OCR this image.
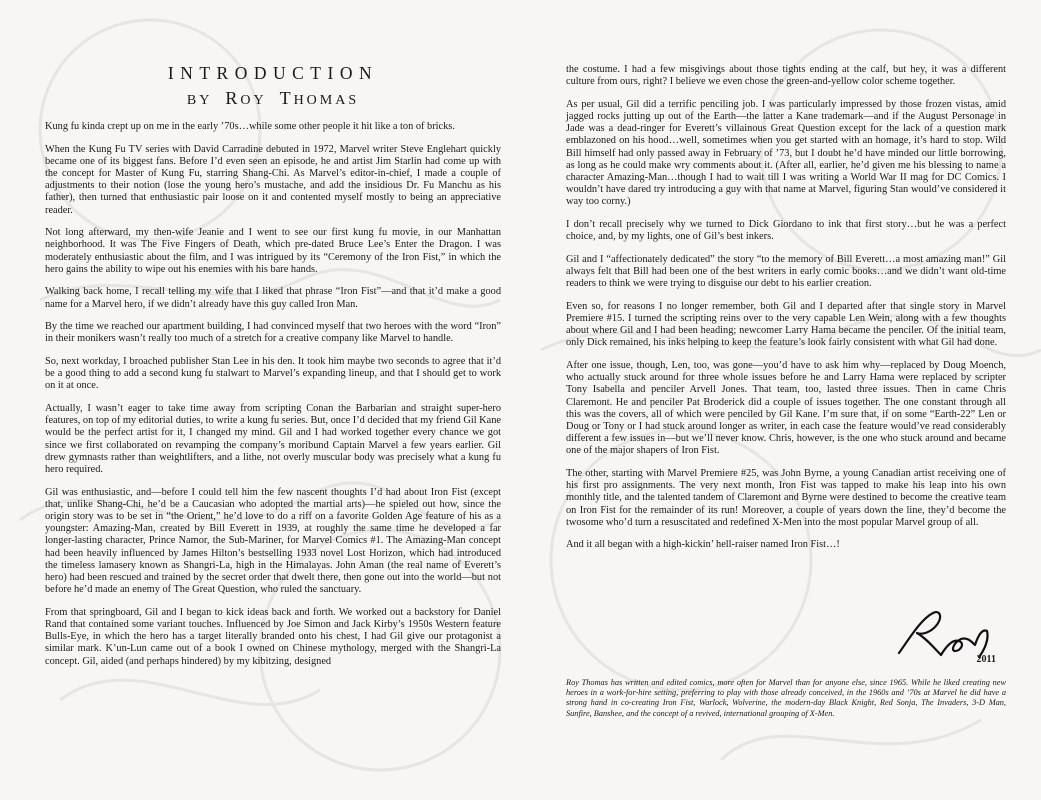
INTRODUCTION
BY ROY THOMAS

Kung fu kinda crept up on me in the early ’70s…while some other people it hit like a ton of bricks.

When the Kung Fu TV series with David Carradine debuted in 1972, Marvel writer Steve Englehart quickly became one of its biggest fans. Before I’d even seen an episode, he and artist Jim Starlin had come up with the concept for Master of Kung Fu, starring Shang-Chi. As Marvel’s editor-in-chief, I made a couple of adjustments to their notion (lose the young hero’s mustache, and add the insidious Dr. Fu Manchu as his father), then turned that enthusiastic pair loose on it and contented myself mostly to being an appreciative reader.

Not long afterward, my then-wife Jeanie and I went to see our first kung fu movie, in our Manhattan neighborhood. It was The Five Fingers of Death, which pre-dated Bruce Lee’s Enter the Dragon. I was moderately enthusiastic about the film, and I was intrigued by its “Ceremony of the Iron Fist,” in which the hero gains the ability to wipe out his enemies with his bare hands.

Walking back home, I recall telling my wife that I liked that phrase “Iron Fist”—and that it’d make a good name for a Marvel hero, if we didn’t already have this guy called Iron Man.

By the time we reached our apartment building, I had convinced myself that two heroes with the word “Iron” in their monikers wasn’t really too much of a stretch for a creative company like Marvel to handle.

So, next workday, I broached publisher Stan Lee in his den. It took him maybe two seconds to agree that it’d be a good thing to add a second kung fu stalwart to Marvel’s expanding lineup, and that I should get to work on it at once.

Actually, I wasn’t eager to take time away from scripting Conan the Barbarian and straight super-hero features, on top of my editorial duties, to write a kung fu series. But, once I’d decided that my friend Gil Kane would be the perfect artist for it, I changed my mind. Gil and I had worked together every chance we got since we first collaborated on revamping the company’s moribund Captain Marvel a few years earlier. Gil drew gymnasts rather than weightlifters, and a lithe, not overly muscular body was precisely what a kung fu hero required.

Gil was enthusiastic, and—before I could tell him the few nascent thoughts I’d had about Iron Fist (except that, unlike Shang-Chi, he’d be a Caucasian who adopted the martial arts)—he spieled out how, since the origin story was to be set in “the Orient,” he’d love to do a riff on a favorite Golden Age feature of his as a youngster: Amazing-Man, created by Bill Everett in 1939, at roughly the same time he developed a far longer-lasting character, Prince Namor, the Sub-Mariner, for Marvel Comics #1. The Amazing-Man concept had been heavily influenced by James Hilton’s bestselling 1933 novel Lost Horizon, which had introduced the timeless lamasery known as Shangri-La, high in the Himalayas. John Aman (the real name of Everett’s hero) had been rescued and trained by the secret order that dwelt there, then gone out into the world—but not before he’d made an enemy of The Great Question, who ruled the sanctuary.

From that springboard, Gil and I began to kick ideas back and forth. We worked out a backstory for Daniel Rand that contained some variant touches. Influenced by Joe Simon and Jack Kirby’s 1950s Western feature Bulls-Eye, in which the hero has a target literally branded onto his chest, I had Gil give our protagonist a similar mark. K’un-Lun came out of a book I owned on Chinese mythology, merged with the Shangri-La concept. Gil, aided (and perhaps hindered) by my kibitzing, designed

the costume. I had a few misgivings about those tights ending at the calf, but hey, it was a different culture from ours, right? I believe we even chose the green-and-yellow color scheme together.

As per usual, Gil did a terrific penciling job. I was particularly impressed by those frozen vistas, amid jagged rocks jutting up out of the Earth—the latter a Kane trademark—and if the August Personage in Jade was a dead-ringer for Everett’s villainous Great Question except for the lack of a question mark emblazoned on his hood…well, sometimes when you get started with an homage, it’s hard to stop. Wild Bill himself had only passed away in February of ’73, but I doubt he’d have minded our little borrowing, as long as he could make wry comments about it. (After all, earlier, he’d given me his blessing to name a character Amazing-Man…though I had to wait till I was writing a World War II mag for DC Comics. I wouldn’t have dared try introducing a guy with that name at Marvel, figuring Stan would’ve considered it way too corny.)

I don’t recall precisely why we turned to Dick Giordano to ink that first story…but he was a perfect choice, and, by my lights, one of Gil’s best inkers.

Gil and I “affectionately dedicated” the story “to the memory of Bill Everett…a most amazing man!” Gil always felt that Bill had been one of the best writers in early comic books…and we didn’t want old-time readers to think we were trying to disguise our debt to his earlier creation.

Even so, for reasons I no longer remember, both Gil and I departed after that single story in Marvel Premiere #15. I turned the scripting reins over to the very capable Len Wein, along with a few thoughts about where Gil and I had been heading; newcomer Larry Hama became the penciler. Of the initial team, only Dick remained, his inks helping to keep the feature’s look fairly consistent with what Gil had done.

After one issue, though, Len, too, was gone—you’d have to ask him why—replaced by Doug Moench, who actually stuck around for three whole issues before he and Larry Hama were replaced by scripter Tony Isabella and penciler Arvell Jones. That team, too, lasted three issues. Then in came Chris Claremont. He and penciler Pat Broderick did a couple of issues together. The one constant through all this was the covers, all of which were penciled by Gil Kane. I’m sure that, if on some “Earth-22” Len or Doug or Tony or I had stuck around longer as writer, in each case the feature would’ve read considerably different a few issues in—but we’ll never know. Chris, however, is the one who stuck around and became one of the major shapers of Iron Fist.

The other, starting with Marvel Premiere #25, was John Byrne, a young Canadian artist receiving one of his first pro assignments. The very next month, Iron Fist was tapped to make his leap into his own monthly title, and the talented tandem of Claremont and Byrne were destined to become the creative team on Iron Fist for the remainder of its run! Moreover, a couple of years down the line, they’d become the twosome who’d turn a resuscitated and redefined X-Men into the most popular Marvel group of all.

And it all began with a high-kickin’ hell-raiser named Iron Fist…!

2011

Roy Thomas has written and edited comics, more often for Marvel than for anyone else, since 1965. While he liked creating new heroes in a work-for-hire setting, preferring to play with those already conceived, in the 1960s and ’70s at Marvel he did have a strong hand in co-creating Iron Fist, Warlock, Wolverine, the modern-day Black Knight, Red Sonja, The Invaders, 3-D Man, Sunfire, Banshee, and the concept of a revived, international grouping of X-Men.
